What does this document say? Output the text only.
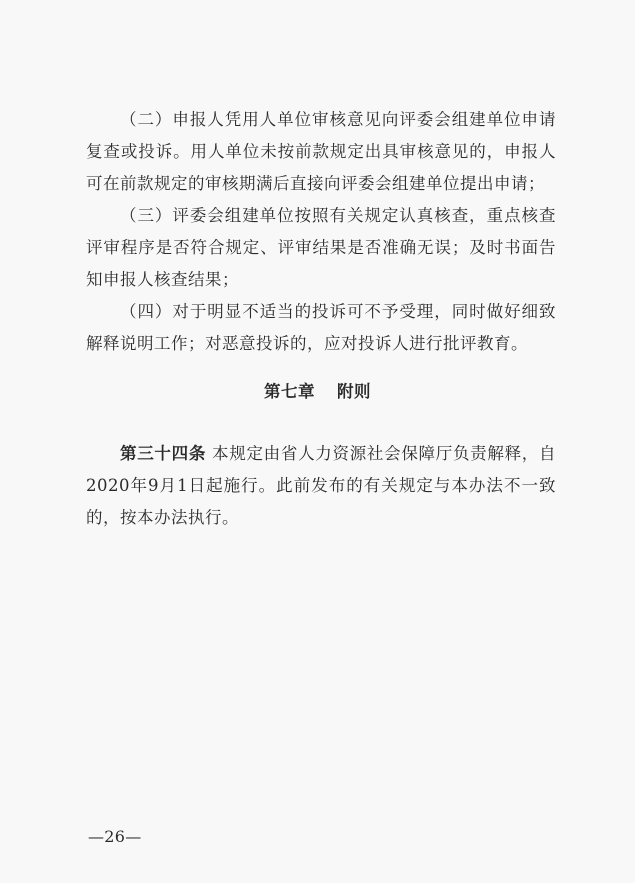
（二）申报人凭用人单位审核意见向评委会组建单位申请复查或投诉。用人单位未按前款规定出具审核意见的，申报人可在前款规定的审核期满后直接向评委会组建单位提出申请；

（三）评委会组建单位按照有关规定认真核查，重点核查评审程序是否符合规定、评审结果是否准确无误；及时书面告知申报人核查结果；

（四）对于明显不适当的投诉可不予受理，同时做好细致解释说明工作；对恶意投诉的，应对投诉人进行批评教育。

第七章 附则

第三十四条 本规定由省人力资源社会保障厅负责解释，自2020年9月1日起施行。此前发布的有关规定与本办法不一致的，按本办法执行。

—26—
